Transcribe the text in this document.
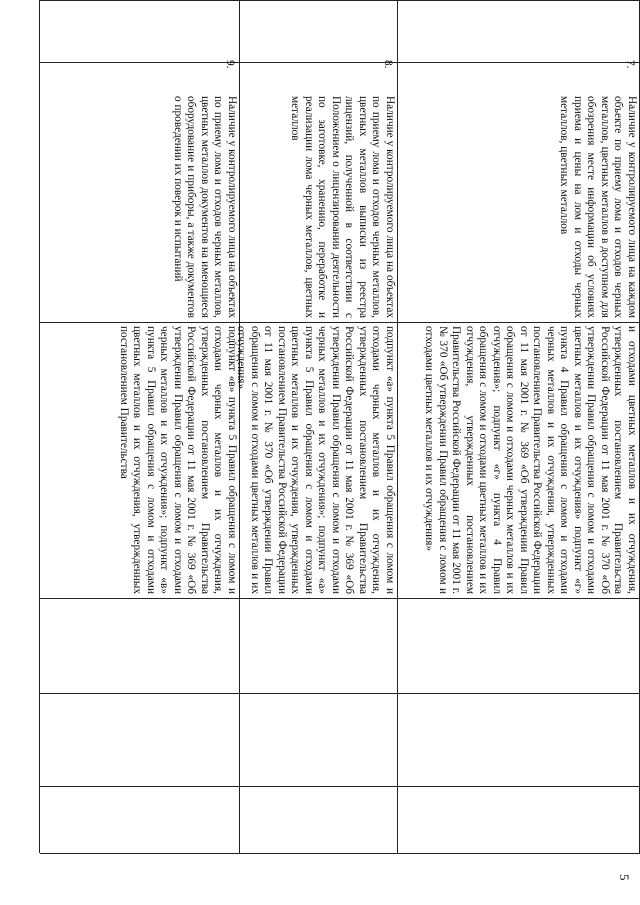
5
7.
Наличие у контролируемого лица на каждом объекте по приему лома и отходов черных металлов, цветных металлов в доступном для обозрения месте информации об условиях приема и цены на лом и отходы черных металлов, цветных металлов
и отходами цветных металлов и их отчуждения, утвержденных постановлением Правительства Российской Федерации от 11 мая 2001 г. № 370 «Об утверждении Правил обращения с ломом и отходами цветных металлов и их отчуждения» подпункт «г» пункта 4 Правил обращения с ломом и отходами черных металлов и их отчуждения, утвержденных постановлением Правительства Российской Федерации от 11 мая 2001 г. № 369 «Об утверждении Правил обращения с ломом и отходами черных металлов и их отчуждения»; подпункт «г» пункта 4 Правил обращения с ломом и отходами цветных металлов и их отчуждения, утвержденных постановлением Правительства Российской Федерации от 11 мая 2001 г. № 370 «Об утверждении Правил обращения с ломом и отходами цветных металлов и их отчуждения»
8.
Наличие у контролируемого лица на объектах по приему лома и отходов черных металлов, цветных металлов выписки из реестра лицензий, полученной в соответствии с Положением о лицензировании деятельности по заготовке, хранению, переработке и реализации лома черных металлов, цветных металлов
подпункт «а» пункта 5 Правил обращения с ломом и отходами черных металлов и их отчуждения, утвержденных постановлением Правительства Российской Федерации от 11 мая 2001 г. № 369 «Об утверждении Правил обращения с ломом и отходами черных металлов и их отчуждения»; подпункт «а» пункта 5 Правил обращения с ломом и отходами цветных металлов и их отчуждения, утвержденных постановлением Правительства Российской Федерации от 11 мая 2001 г. № 370 «Об утверждении Правил обращения с ломом и отходами цветных металлов и их отчуждения»
9.
Наличие у контролируемого лица на объектах по приему лома и отходов черных металлов, цветных металлов документов на имеющиеся оборудование и приборы, а также документов о проведении их поверок и испытаний
подпункт «в» пункта 5 Правил обращения с ломом и отходами черных металлов и их отчуждения, утвержденных постановлением Правительства Российской Федерации от 11 мая 2001 г. № 369 «Об утверждении Правил обращения с ломом и отходами черных металлов и их отчуждения»; подпункт «в» пункта 5 Правил обращения с ломом и отходами цветных металлов и их отчуждения, утвержденных постановлением Правительства
